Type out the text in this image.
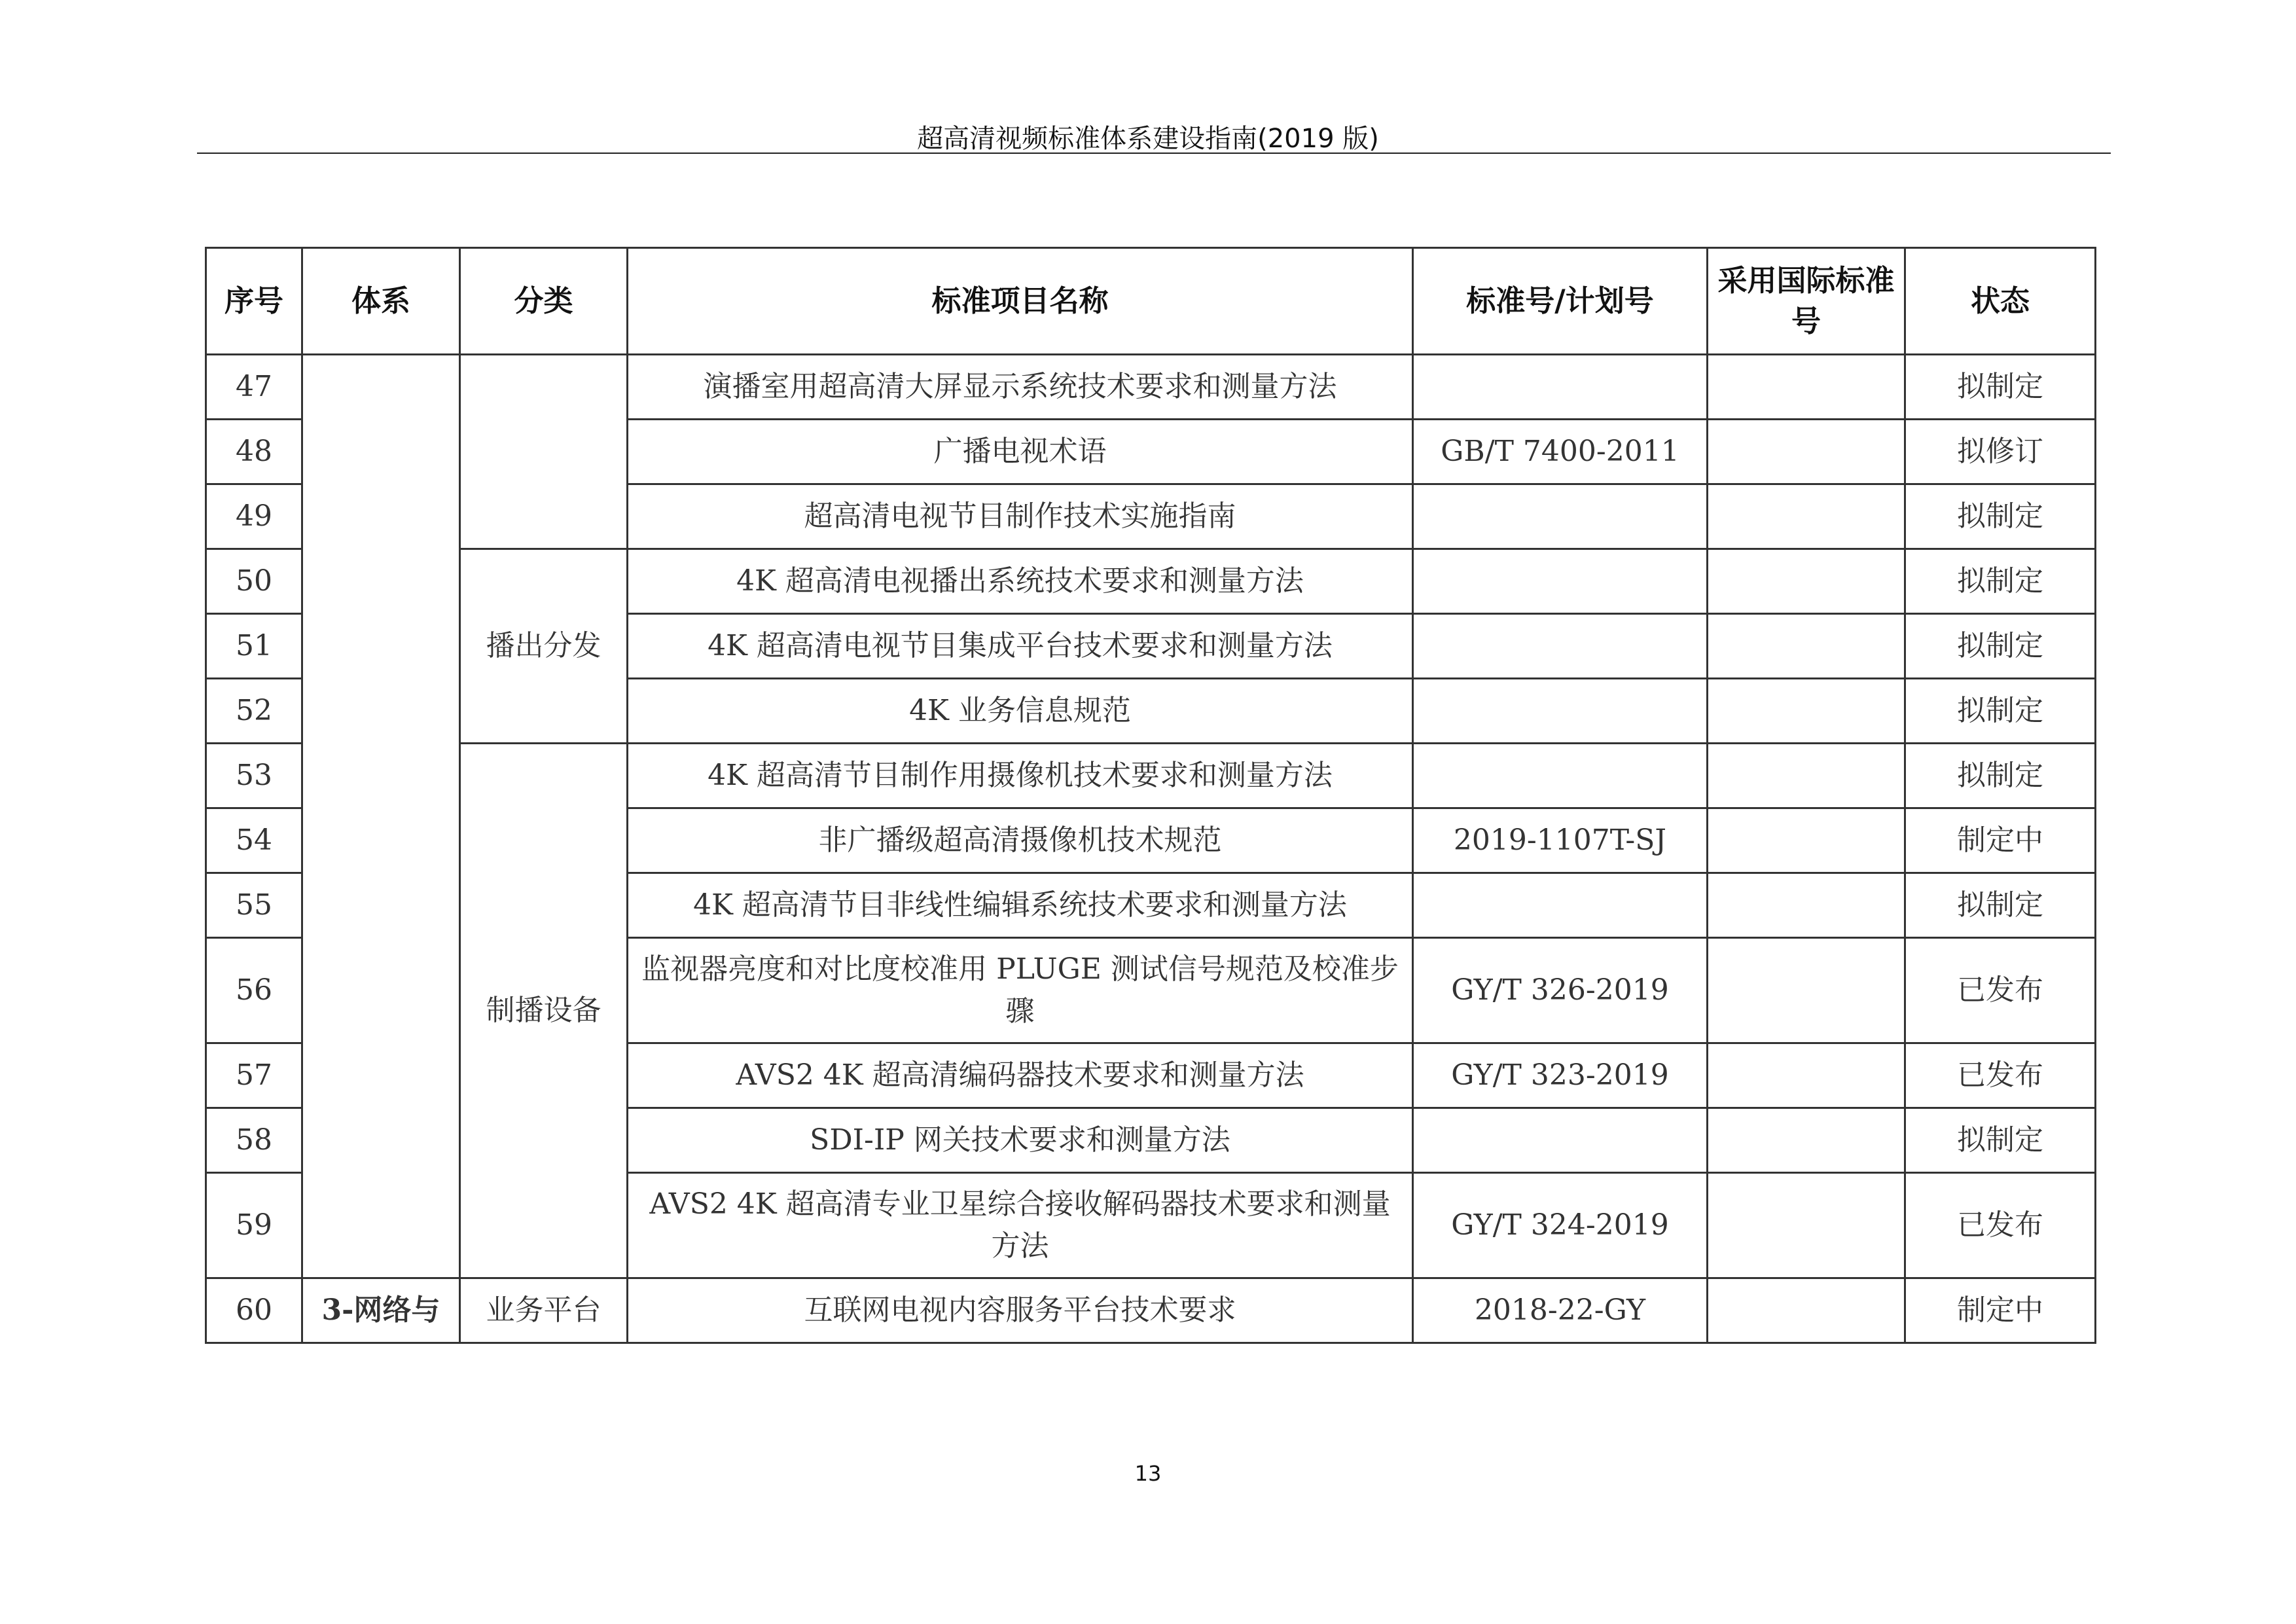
超高清视频标准体系建设指南(2019 版)
序号	体系	分类	标准项目名称	标准号/计划号	采用国际标准号	状态
47			演播室用超高清大屏显示系统技术要求和测量方法			拟制定
48			广播电视术语	GB/T 7400-2011		拟修订
49			超高清电视节目制作技术实施指南			拟制定
50		播出分发	4K 超高清电视播出系统技术要求和测量方法			拟制定
51			4K 超高清电视节目集成平台技术要求和测量方法			拟制定
52			4K 业务信息规范			拟制定
53		制播设备	4K 超高清节目制作用摄像机技术要求和测量方法			拟制定
54			非广播级超高清摄像机技术规范	2019-1107T-SJ		制定中
55			4K 超高清节目非线性编辑系统技术要求和测量方法			拟制定
56			监视器亮度和对比度校准用 PLUGE 测试信号规范及校准步骤	GY/T 326-2019		已发布
57			AVS2 4K 超高清编码器技术要求和测量方法	GY/T 323-2019		已发布
58			SDI-IP 网关技术要求和测量方法			拟制定
59			AVS2 4K 超高清专业卫星综合接收解码器技术要求和测量方法	GY/T 324-2019		已发布
60	3-网络与	业务平台	互联网电视内容服务平台技术要求	2018-22-GY		制定中
13
